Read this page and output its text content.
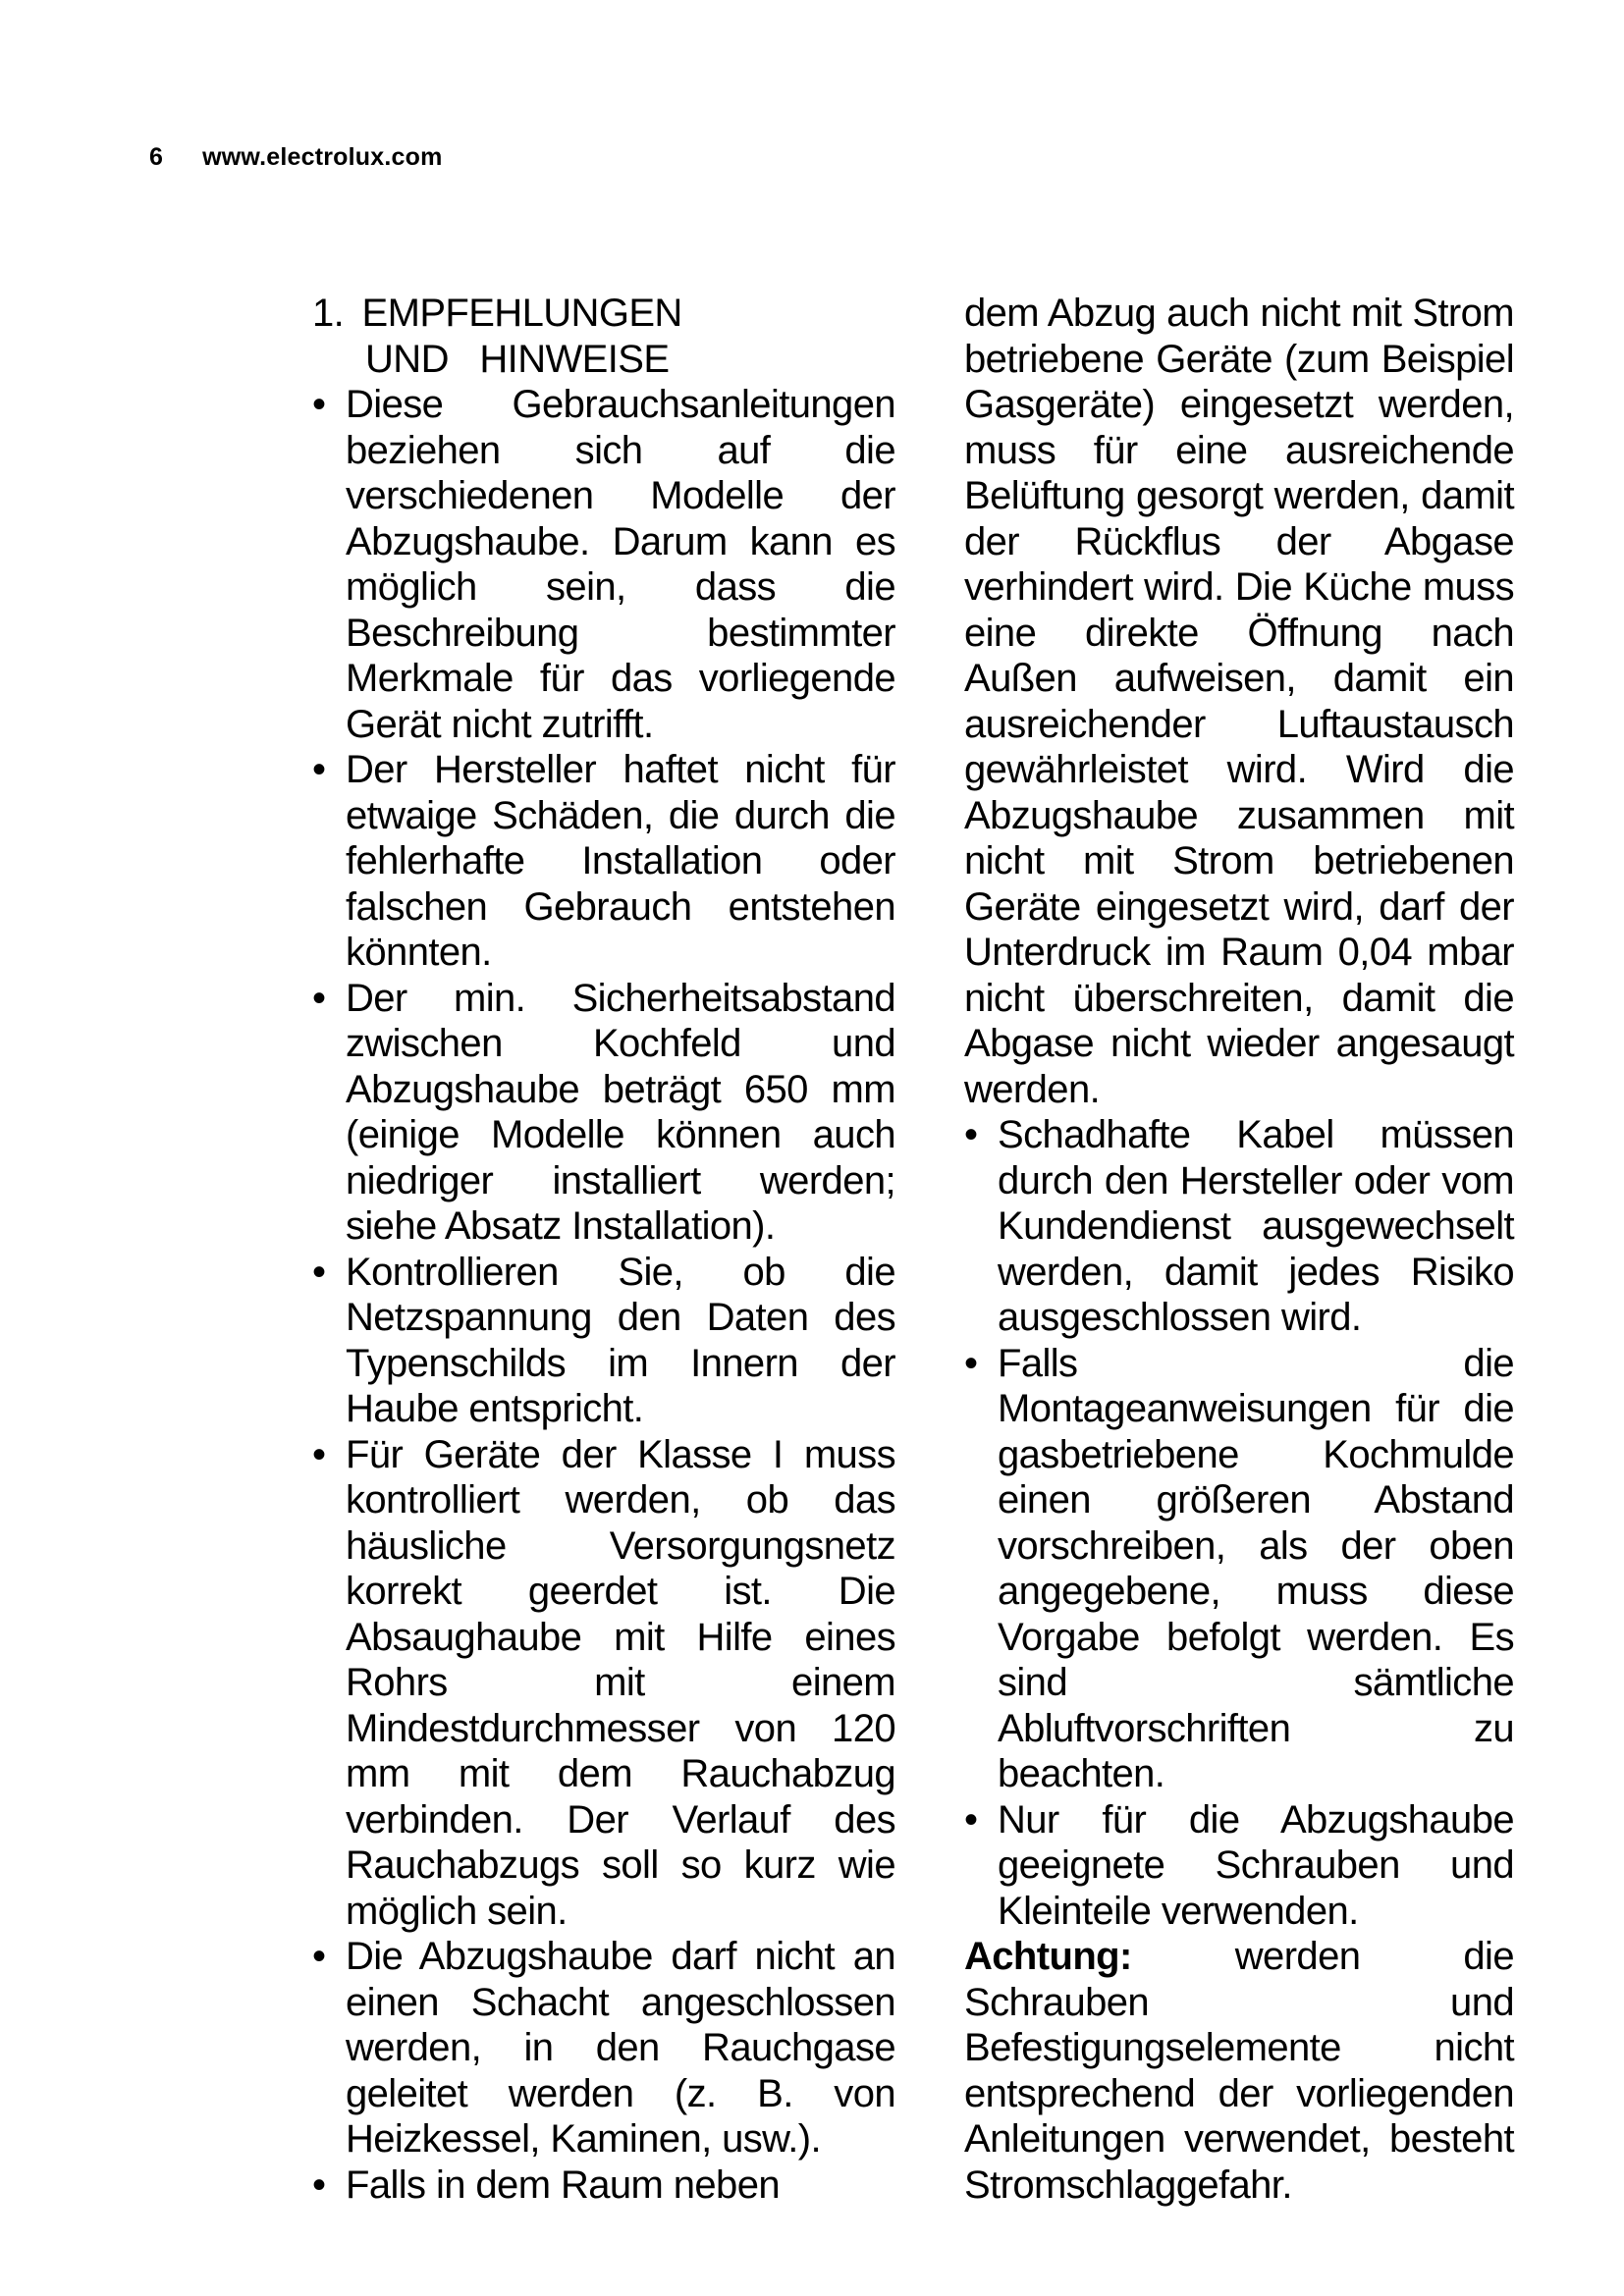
6 www.electrolux.com
1. EMPFEHLUNGEN
UND   HINWEISE
• Diese Gebrauchsanleitungen beziehen sich auf die verschiedenen Modelle der Abzugshaube. Darum kann es möglich sein, dass die Beschreibung bestimmter Merkmale für das vorliegende Gerät nicht zutrifft.
• Der Hersteller haftet nicht für etwaige Schäden, die durch die fehlerhafte Installation oder falschen Gebrauch entstehen könnten.
• Der min. Sicherheitsabstand zwischen Kochfeld und Abzugshaube beträgt 650 mm (einige Modelle können auch niedriger installiert werden; siehe Absatz Installation).
• Kontrollieren Sie, ob die Netzspannung den Daten des Typenschilds im Innern der Haube entspricht.
• Für Geräte der Klasse I muss kontrolliert werden, ob das häusliche Versorgungsnetz korrekt geerdet ist. Die Absaughaube mit Hilfe eines Rohrs mit einem Mindestdurchmesser von 120 mm mit dem Rauchabzug verbinden. Der Verlauf des Rauchabzugs soll so kurz wie möglich sein.
• Die Abzugshaube darf nicht an einen Schacht angeschlossen werden, in den Rauchgase geleitet werden (z. B. von Heizkessel, Kaminen, usw.).
• Falls in dem Raum neben

dem Abzug auch nicht mit Strom betriebene Geräte (zum Beispiel Gasgeräte) eingesetzt werden, muss für eine ausreichende Belüftung gesorgt werden, damit der Rückflus der Abgase verhindert wird. Die Küche muss eine direkte Öffnung nach Außen aufweisen, damit ein ausreichender Luftaustausch gewährleistet wird. Wird die Abzugshaube zusammen mit nicht mit Strom betriebenen Geräte eingesetzt wird, darf der Unterdruck im Raum 0,04 mbar nicht überschreiten, damit die Abgase nicht wieder angesaugt werden.

• Schadhafte Kabel müssen durch den Hersteller oder vom Kundendienst ausgewechselt werden, damit jedes Risiko ausgeschlossen wird.
• Falls die Montageanweisungen für die gasbetriebene Kochmulde einen größeren Abstand vorschreiben, als der oben angegebene, muss diese Vorgabe befolgt werden. Es sind sämtliche Abluftvorschriften zu beachten.
• Nur für die Abzugshaube geeignete Schrauben und Kleinteile verwenden.

Achtung: werden die Schrauben und Befestigungselemente nicht entsprechend der vorliegenden Anleitungen verwendet, besteht Stromschlaggefahr.
